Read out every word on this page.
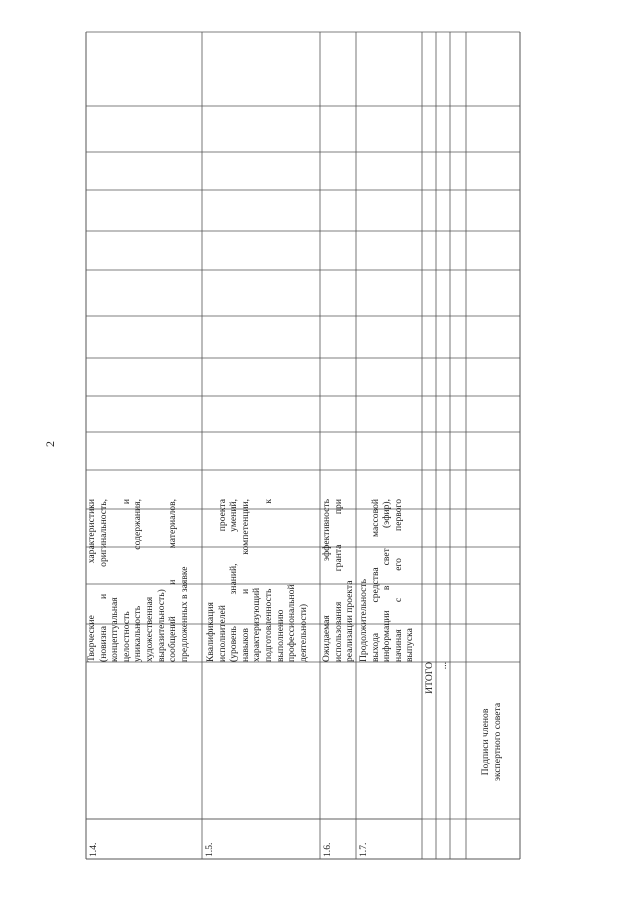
2
1.4.
Творческие характеристики (новизна и оригинальность, концептуальная целостность и уникальность содержания, художественная выразительность) сообщений и материалов, предложенных в заявке
1.5.
Квалификация исполнителей проекта (уровень знаний, умений, навыков и компетенции, характеризующий подготовленность к выполнению профессиональной деятельности)
1.6.
Ожидаемая эффективность использования гранта при реализации проекта
1.7.
Продолжительность выхода средства массовой информации в свет (эфир), начиная с его первого выпуска
ИТОГО ...
Подписи членов экспертного совета
